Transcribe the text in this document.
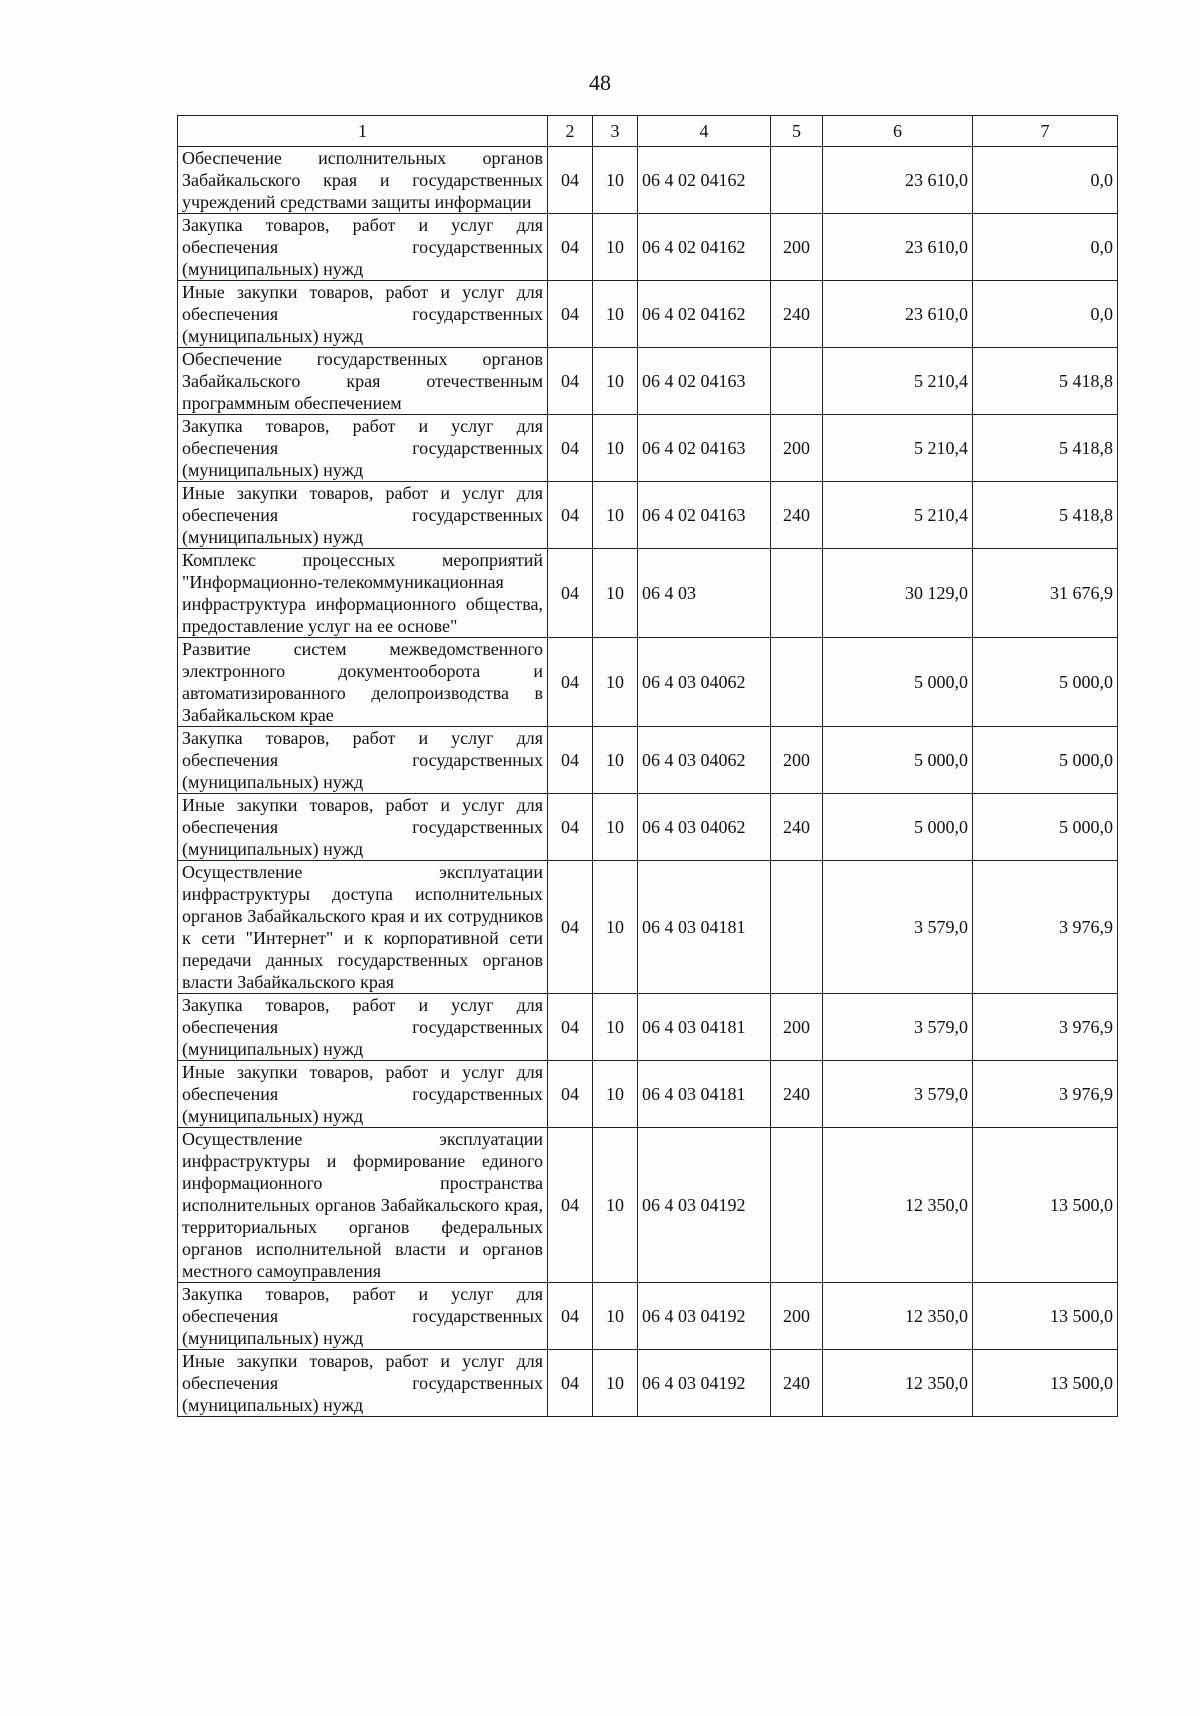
48
1	2	3	4	5	6	7
Обеспечение исполнительных органов Забайкальского края и государственных учреждений средствами защиты информации	04	10	06 4 02 04162		23 610,0	0,0
Закупка товаров, работ и услуг для обеспечения государственных (муниципальных) нужд	04	10	06 4 02 04162	200	23 610,0	0,0
Иные закупки товаров, работ и услуг для обеспечения государственных (муниципальных) нужд	04	10	06 4 02 04162	240	23 610,0	0,0
Обеспечение государственных органов Забайкальского края отечественным программным обеспечением	04	10	06 4 02 04163		5 210,4	5 418,8
Закупка товаров, работ и услуг для обеспечения государственных (муниципальных) нужд	04	10	06 4 02 04163	200	5 210,4	5 418,8
Иные закупки товаров, работ и услуг для обеспечения государственных (муниципальных) нужд	04	10	06 4 02 04163	240	5 210,4	5 418,8
Комплекс процессных мероприятий "Информационно-телекоммуникационная инфраструктура информационного общества, предоставление услуг на ее основе"	04	10	06 4 03		30 129,0	31 676,9
Развитие систем межведомственного электронного документооборота и автоматизированного делопроизводства в Забайкальском крае	04	10	06 4 03 04062		5 000,0	5 000,0
Закупка товаров, работ и услуг для обеспечения государственных (муниципальных) нужд	04	10	06 4 03 04062	200	5 000,0	5 000,0
Иные закупки товаров, работ и услуг для обеспечения государственных (муниципальных) нужд	04	10	06 4 03 04062	240	5 000,0	5 000,0
Осуществление эксплуатации инфраструктуры доступа исполнительных органов Забайкальского края и их сотрудников к сети "Интернет" и к корпоративной сети передачи данных государственных органов власти Забайкальского края	04	10	06 4 03 04181		3 579,0	3 976,9
Закупка товаров, работ и услуг для обеспечения государственных (муниципальных) нужд	04	10	06 4 03 04181	200	3 579,0	3 976,9
Иные закупки товаров, работ и услуг для обеспечения государственных (муниципальных) нужд	04	10	06 4 03 04181	240	3 579,0	3 976,9
Осуществление эксплуатации инфраструктуры и формирование единого информационного пространства исполнительных органов Забайкальского края, территориальных органов федеральных органов исполнительной власти и органов местного самоуправления	04	10	06 4 03 04192		12 350,0	13 500,0
Закупка товаров, работ и услуг для обеспечения государственных (муниципальных) нужд	04	10	06 4 03 04192	200	12 350,0	13 500,0
Иные закупки товаров, работ и услуг для обеспечения государственных (муниципальных) нужд	04	10	06 4 03 04192	240	12 350,0	13 500,0
